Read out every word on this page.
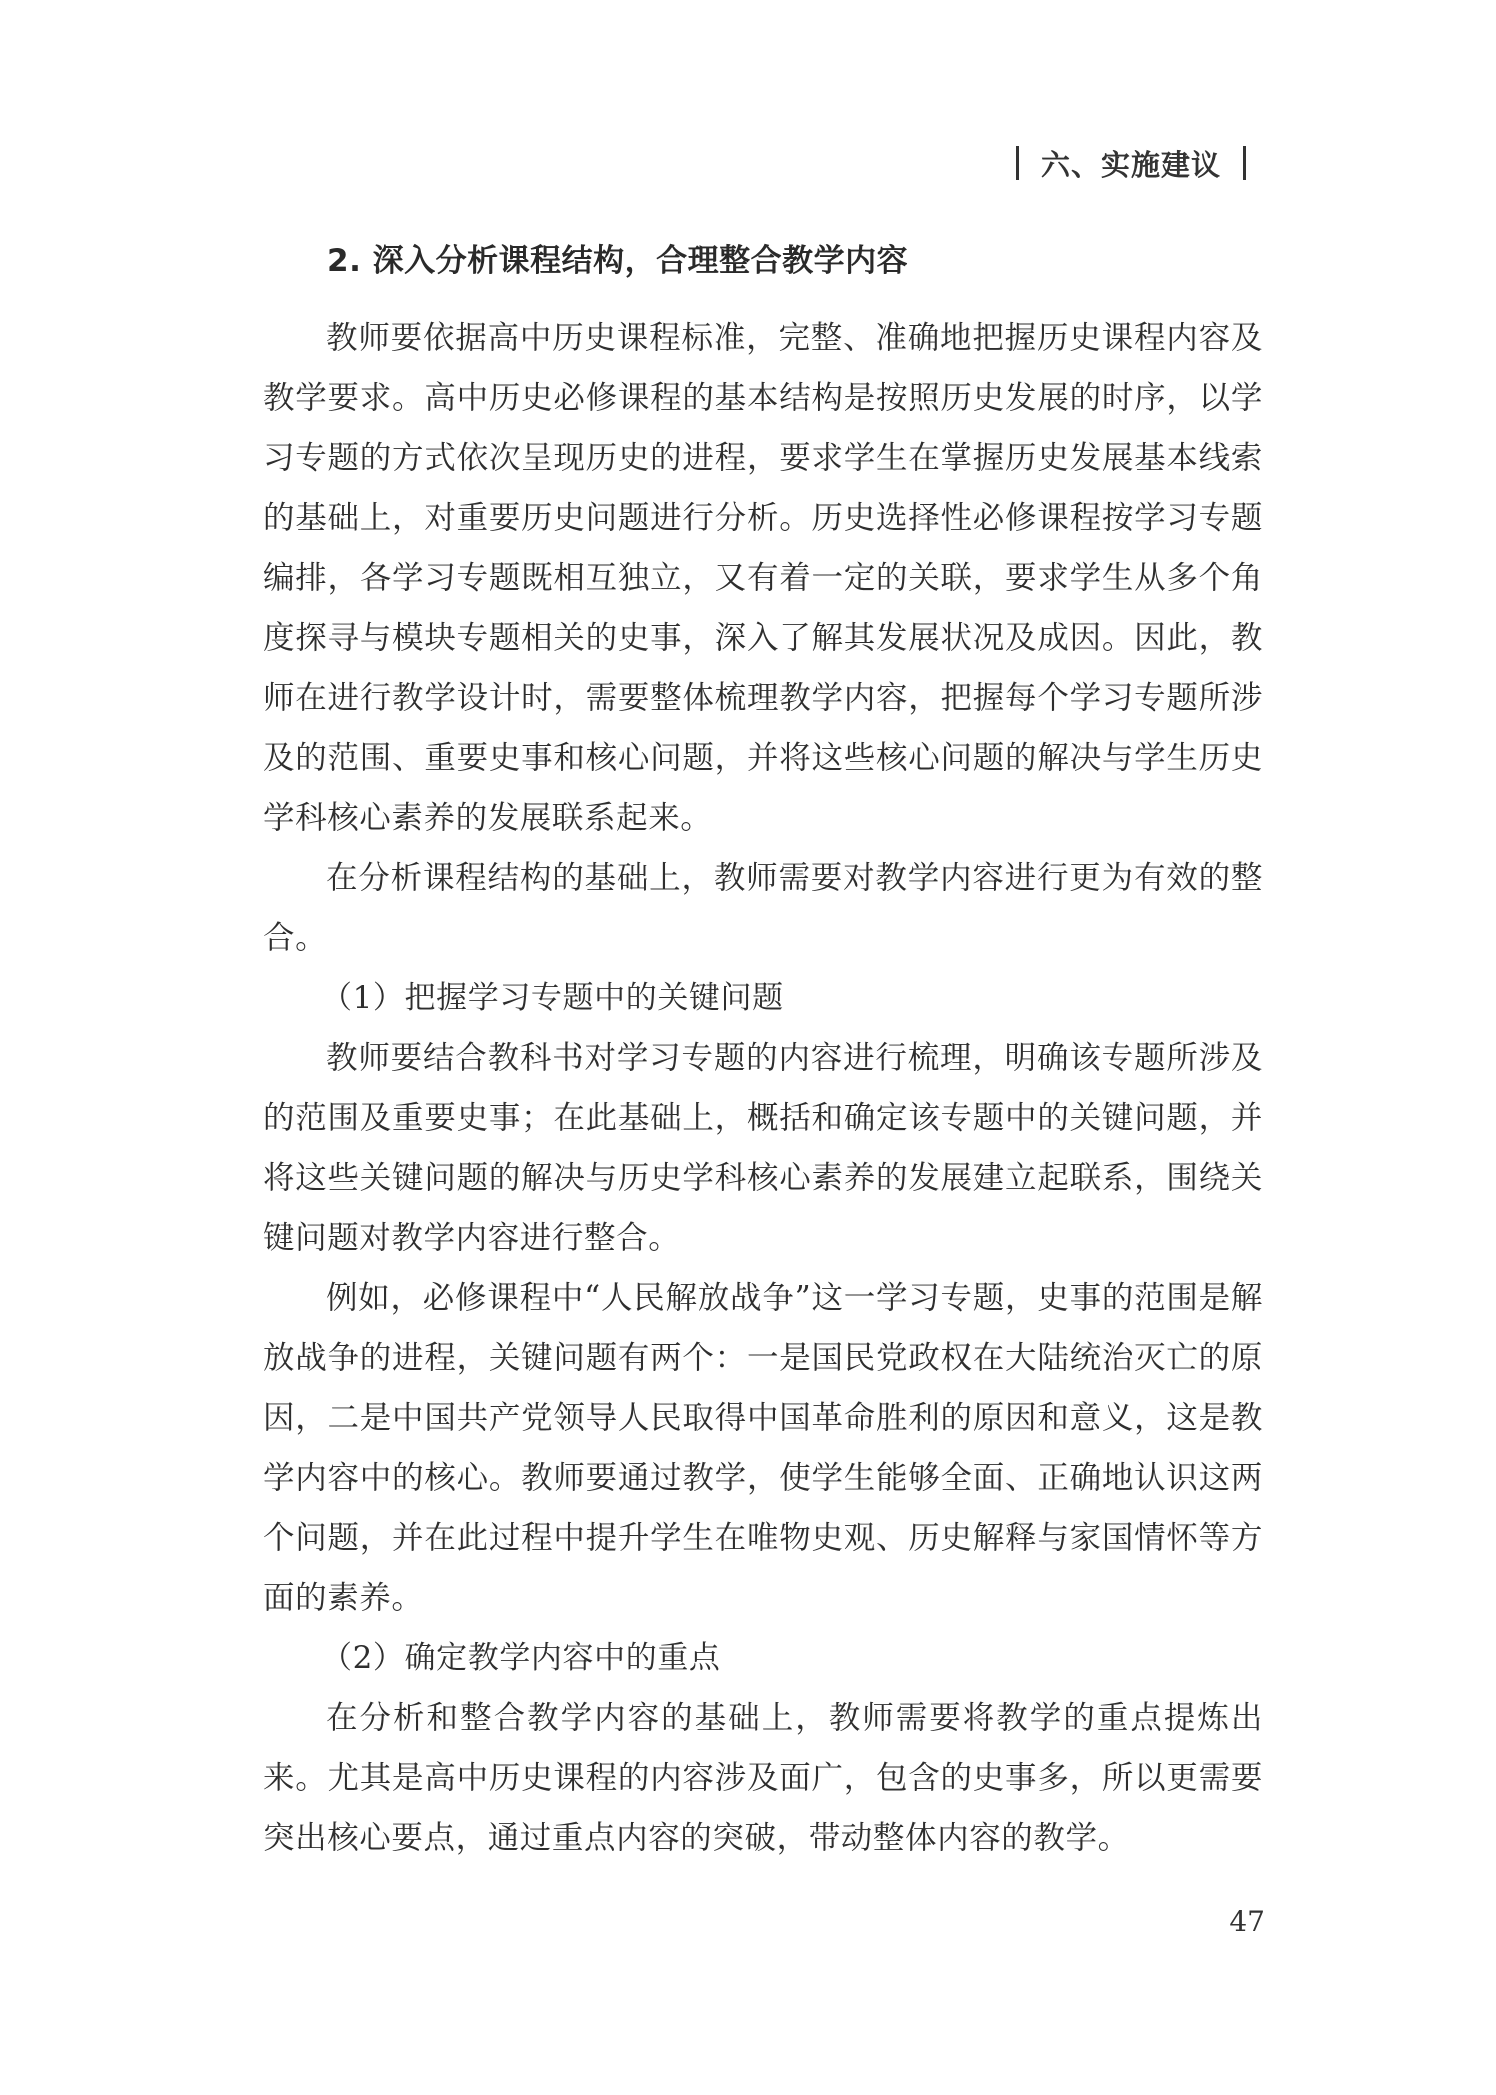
六、实施建议
2. 深入分析课程结构，合理整合教学内容

教师要依据高中历史课程标准，完整、准确地把握历史课程内容及教学要求。高中历史必修课程的基本结构是按照历史发展的时序，以学习专题的方式依次呈现历史的进程，要求学生在掌握历史发展基本线索的基础上，对重要历史问题进行分析。历史选择性必修课程按学习专题编排，各学习专题既相互独立，又有着一定的关联，要求学生从多个角度探寻与模块专题相关的史事，深入了解其发展状况及成因。因此，教师在进行教学设计时，需要整体梳理教学内容，把握每个学习专题所涉及的范围、重要史事和核心问题，并将这些核心问题的解决与学生历史学科核心素养的发展联系起来。

在分析课程结构的基础上，教师需要对教学内容进行更为有效的整合。

（1）把握学习专题中的关键问题

教师要结合教科书对学习专题的内容进行梳理，明确该专题所涉及的范围及重要史事；在此基础上，概括和确定该专题中的关键问题，并将这些关键问题的解决与历史学科核心素养的发展建立起联系，围绕关键问题对教学内容进行整合。

例如，必修课程中“人民解放战争”这一学习专题，史事的范围是解放战争的进程，关键问题有两个：一是国民党政权在大陆统治灭亡的原因，二是中国共产党领导人民取得中国革命胜利的原因和意义，这是教学内容中的核心。教师要通过教学，使学生能够全面、正确地认识这两个问题，并在此过程中提升学生在唯物史观、历史解释与家国情怀等方面的素养。

（2）确定教学内容中的重点

在分析和整合教学内容的基础上，教师需要将教学的重点提炼出来。尤其是高中历史课程的内容涉及面广，包含的史事多，所以更需要突出核心要点，通过重点内容的突破，带动整体内容的教学。

47
